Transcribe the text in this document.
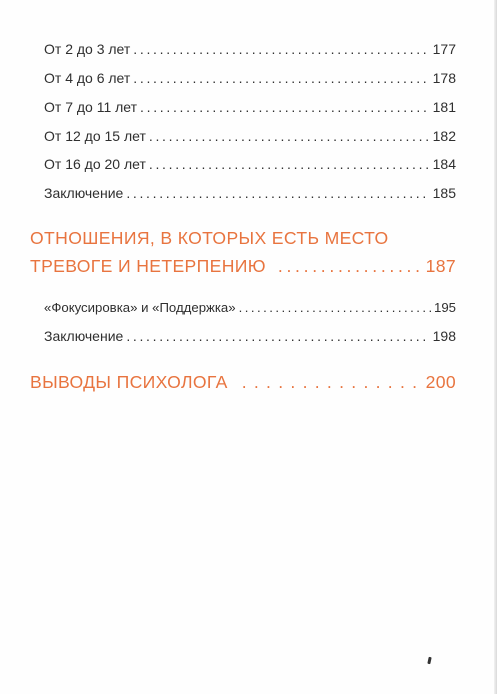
От 2 до 3 лет . . .	177
От 4 до 6 лет . . .	178
От 7 до 11 лет . . .	181
От 12 до 15 лет . . .	182
От 16 до 20 лет . . .	184
Заключение . . .	185
ОТНОШЕНИЯ, В КОТОРЫХ ЕСТЬ МЕСТО
ТРЕВОГЕ И НЕТЕРПЕНИЮ . . .	187
«Фокусировка» и «Поддержка» . . .	195
Заключение . . .	198
ВЫВОДЫ ПСИХОЛОГА . . .	200
